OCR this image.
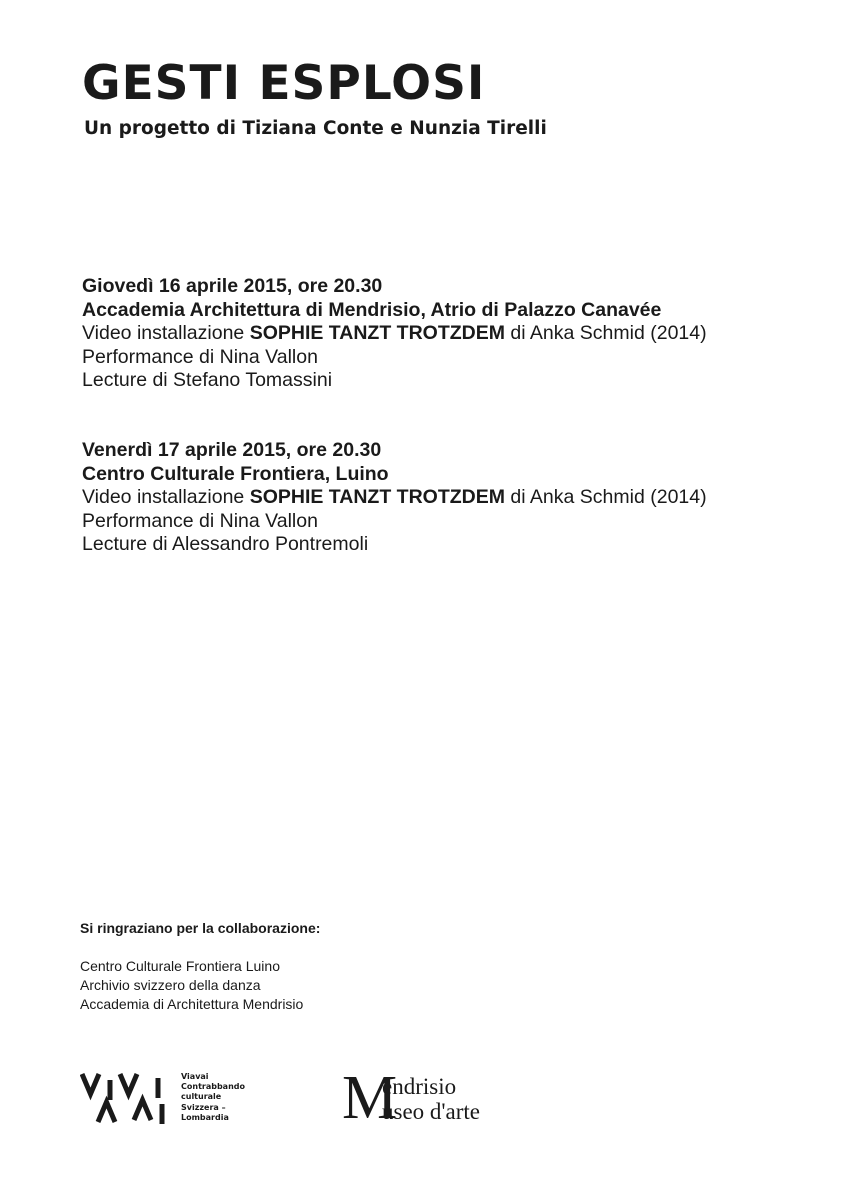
GESTI ESPLOSI

Un progetto di Tiziana Conte e Nunzia Tirelli

Giovedì 16 aprile 2015, ore 20.30
Accademia Architettura di Mendrisio, Atrio di Palazzo Canavée
Video installazione SOPHIE TANZT TROTZDEM di Anka Schmid (2014)
Performance di Nina Vallon
Lecture di Stefano Tomassini
Venerdì 17 aprile 2015, ore 20.30
Centro Culturale Frontiera, Luino
Video installazione SOPHIE TANZT TROTZDEM di Anka Schmid (2014)
Performance di Nina Vallon
Lecture di Alessandro Pontremoli

Si ringraziano per la collaborazione:

Centro Culturale Frontiera Luino
Archivio svizzero della danza
Accademia di Architettura Mendrisio
Viavai
Contrabbando
culturale
Svizzera –
Lombardia M
endrisio
useo d'arte
